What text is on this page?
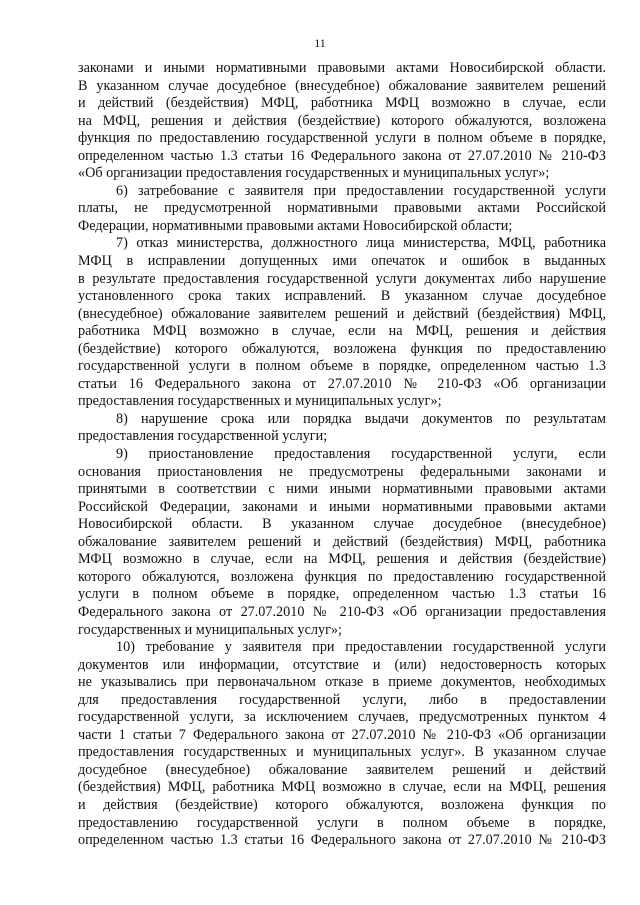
11
законами и иными нормативными правовыми актами Новосибирской области.
В указанном случае досудебное (внесудебное) обжалование заявителем решений
и действий (бездействия) МФЦ, работника МФЦ возможно в случае, если
на МФЦ, решения и действия (бездействие) которого обжалуются, возложена
функция по предоставлению государственной услуги в полном объеме в порядке,
определенном частью 1.3 статьи 16 Федерального закона от 27.07.2010 № 210-ФЗ
«Об организации предоставления государственных и муниципальных услуг»;
6) затребование с заявителя при предоставлении государственной услуги
платы, не предусмотренной нормативными правовыми актами Российской
Федерации, нормативными правовыми актами Новосибирской области;
7) отказ министерства, должностного лица министерства, МФЦ, работника
МФЦ в исправлении допущенных ими опечаток и ошибок в выданных
в результате предоставления государственной услуги документах либо нарушение
установленного срока таких исправлений. В указанном случае досудебное
(внесудебное) обжалование заявителем решений и действий (бездействия) МФЦ,
работника МФЦ возможно в случае, если на МФЦ, решения и действия
(бездействие) которого обжалуются, возложена функция по предоставлению
государственной услуги в полном объеме в порядке, определенном частью 1.3
статьи 16 Федерального закона от 27.07.2010 № 210-ФЗ «Об организации
предоставления государственных и муниципальных услуг»;
8) нарушение срока или порядка выдачи документов по результатам
предоставления государственной услуги;
9) приостановление предоставления государственной услуги, если
основания приостановления не предусмотрены федеральными законами и
принятыми в соответствии с ними иными нормативными правовыми актами
Российской Федерации, законами и иными нормативными правовыми актами
Новосибирской области. В указанном случае досудебное (внесудебное)
обжалование заявителем решений и действий (бездействия) МФЦ, работника
МФЦ возможно в случае, если на МФЦ, решения и действия (бездействие)
которого обжалуются, возложена функция по предоставлению государственной
услуги в полном объеме в порядке, определенном частью 1.3 статьи 16
Федерального закона от 27.07.2010 № 210-ФЗ «Об организации предоставления
государственных и муниципальных услуг»;
10) требование у заявителя при предоставлении государственной услуги
документов или информации, отсутствие и (или) недостоверность которых
не указывались при первоначальном отказе в приеме документов, необходимых
для предоставления государственной услуги, либо в предоставлении
государственной услуги, за исключением случаев, предусмотренных пунктом 4
части 1 статьи 7 Федерального закона от 27.07.2010 № 210-ФЗ «Об организации
предоставления государственных и муниципальных услуг». В указанном случае
досудебное (внесудебное) обжалование заявителем решений и действий
(бездействия) МФЦ, работника МФЦ возможно в случае, если на МФЦ, решения
и действия (бездействие) которого обжалуются, возложена функция по
предоставлению государственной услуги в полном объеме в порядке,
определенном частью 1.3 статьи 16 Федерального закона от 27.07.2010 № 210-ФЗ
